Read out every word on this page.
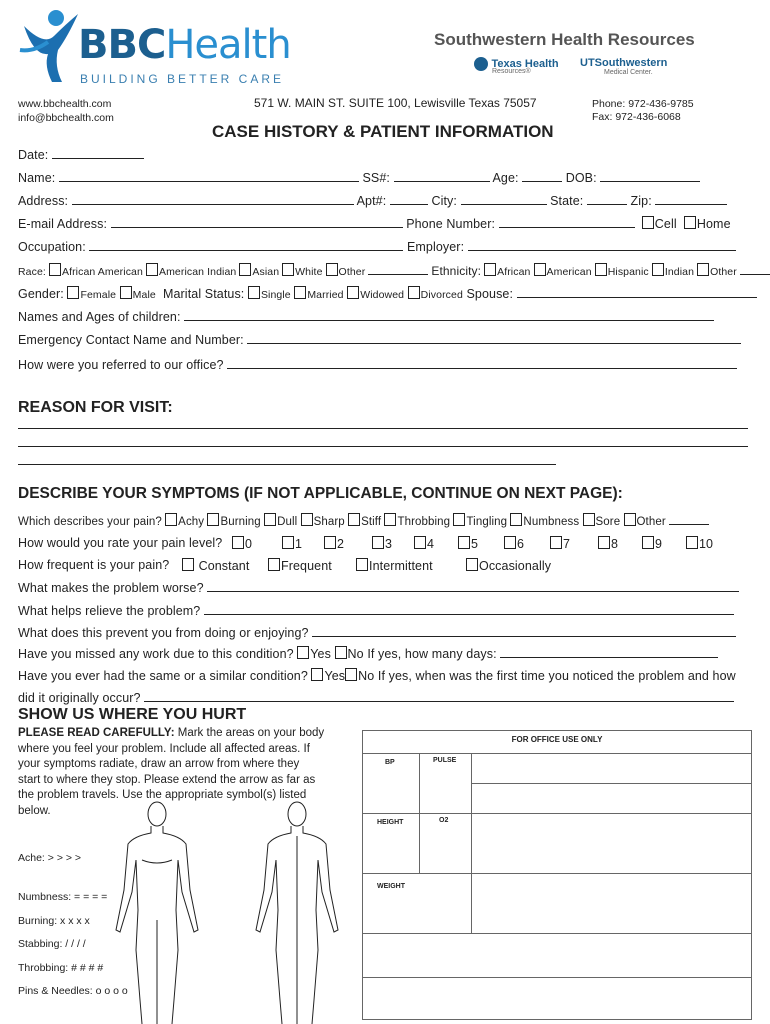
BBCHealth
BUILDING BETTER CARE
Southwestern Health Resources
Texas Health
Resources®
UTSouthwestern
Medical Center.
www.bbchealth.com
info@bbchealth.com
571 W. MAIN ST. SUITE 100, Lewisville Texas 75057	Phone: 972-436-9785
Fax: 972-436-6068
CASE HISTORY & PATIENT INFORMATION
Date:
Name:	SS#:	Age:	DOB:
Address:	Apt#:	City:	State:	Zip:
E-mail Address:	Phone Number:	Cell Home
Occupation:	Employer:
Race: African American American Indian Asian White Other	Ethnicity: African American Hispanic Indian Other
Gender: Female Male Marital Status: Single Married Widowed Divorced Spouse:
Names and Ages of children:
Emergency Contact Name and Number:
How were you referred to our office?
REASON FOR VISIT:
DESCRIBE YOUR SYMPTOMS (IF NOT APPLICABLE, CONTINUE ON NEXT PAGE):
Which describes your pain? Achy Burning Dull Sharp Stiff Throbbing Tingling Numbness Sore Other
How would you rate your pain level?	0	1	2	3	4	5	6	7	8	9	10
How frequent is your pain?	Constant	Frequent	Intermittent	Occasionally
What makes the problem worse?
What helps relieve the problem?
What does this prevent you from doing or enjoying?
Have you missed any work due to this condition? Yes No If yes, how many days:
Have you ever had the same or a similar condition? Yes No If yes, when was the first time you noticed the problem and how
did it originally occur?
SHOW US WHERE YOU HURT
PLEASE READ CAREFULLY: Mark the areas on your body
where you feel your problem. Include all affected areas. If
your symptoms radiate, draw an arrow from where they
start to where they stop. Please extend the arrow as far as
the problem travels. Use the appropriate symbol(s) listed
below.
Ache: > > > >
Numbness: = = = =
Burning: x x x x
Stabbing: / / / /
Throbbing: # # # #
Pins & Needles: o o o o
FOR OFFICE USE ONLY
BP	PULSE
HEIGHT	O2
WEIGHT
